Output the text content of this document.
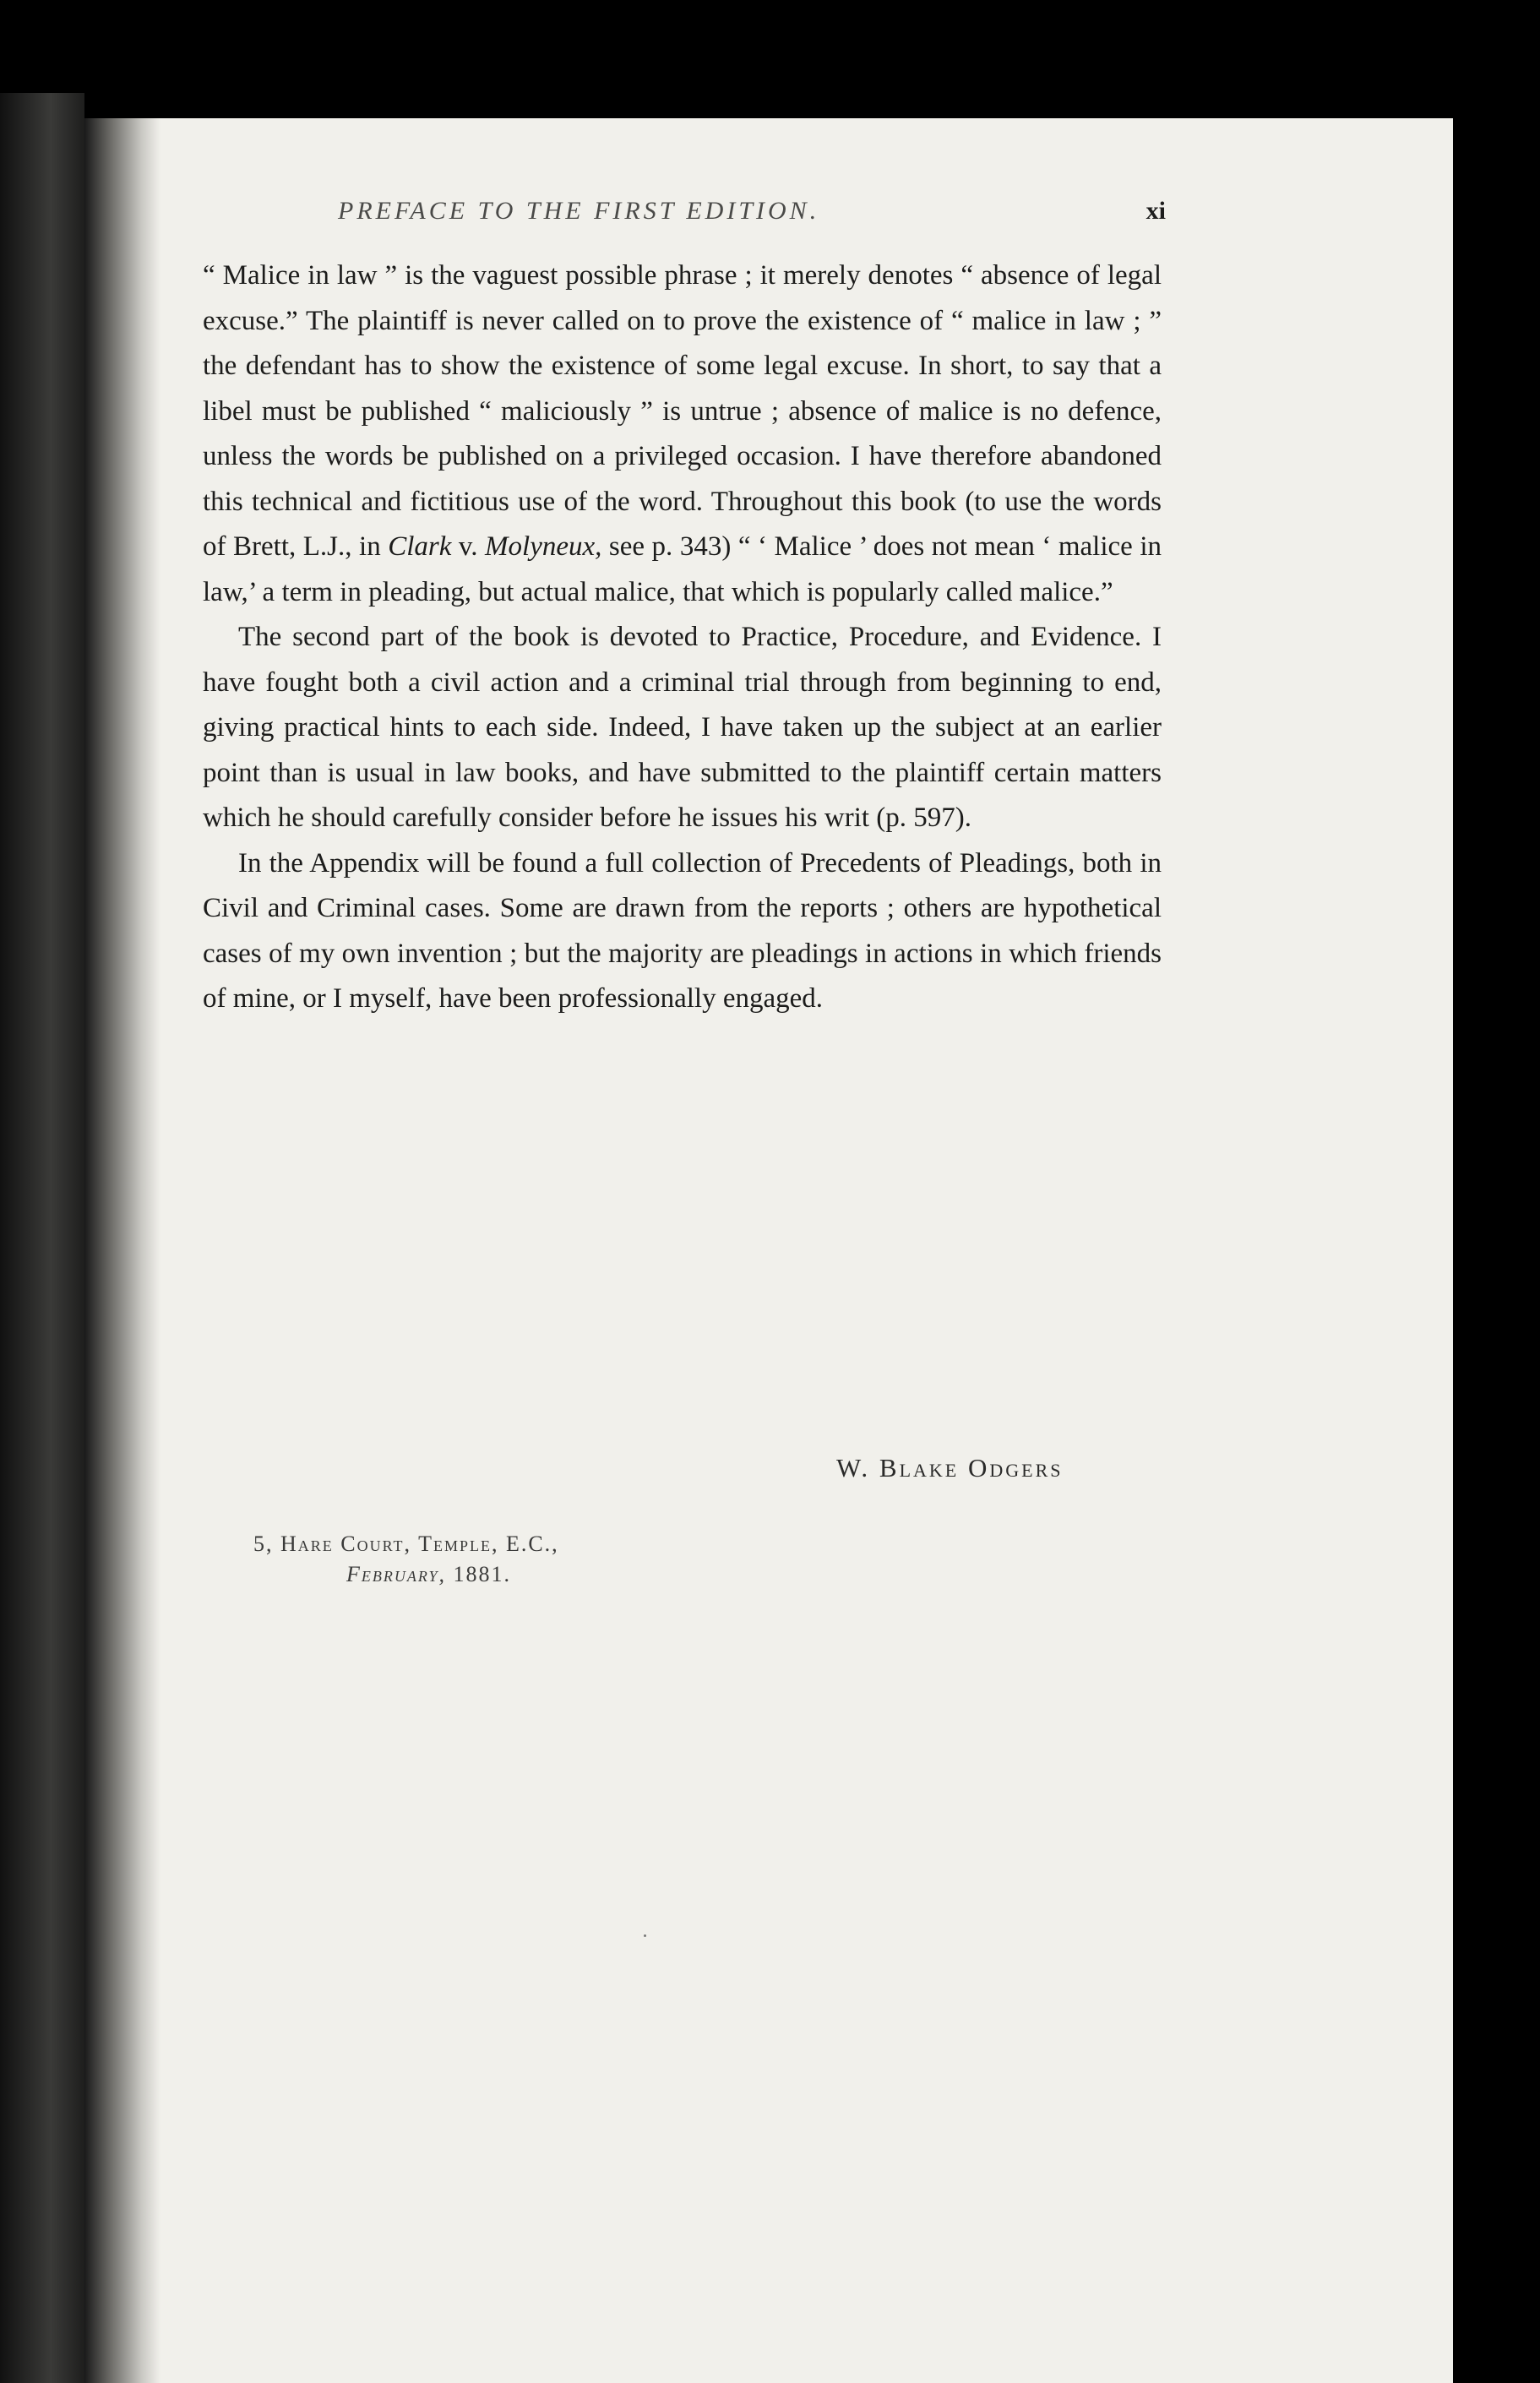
PREFACE TO THE FIRST EDITION.	xi

“ Malice in law ” is the vaguest possible phrase ; it merely denotes “ absence of legal excuse.” The plaintiff is never called on to prove the existence of “ malice in law ; ” the defendant has to show the existence of some legal excuse. In short, to say that a libel must be published “ maliciously ” is untrue ; absence of malice is no defence, unless the words be published on a privileged occasion. I have therefore abandoned this technical and fictitious use of the word. Throughout this book (to use the words of Brett, L.J., in Clark v. Molyneux, see p. 343) “ ‘ Malice ’ does not mean ‘ malice in law,’ a term in pleading, but actual malice, that which is popularly called malice.”

The second part of the book is devoted to Practice, Procedure, and Evidence. I have fought both a civil action and a criminal trial through from beginning to end, giving practical hints to each side. Indeed, I have taken up the subject at an earlier point than is usual in law books, and have submitted to the plaintiff certain matters which he should carefully consider before he issues his writ (p. 597).

In the Appendix will be found a full collection of Precedents of Pleadings, both in Civil and Criminal cases. Some are drawn from the reports ; others are hypothetical cases of my own invention ; but the majority are pleadings in actions in which friends of mine, or I myself, have been professionally engaged.

W. Blake Odgers
5, Hare Court, Temple, E.C.,
February, 1881.
